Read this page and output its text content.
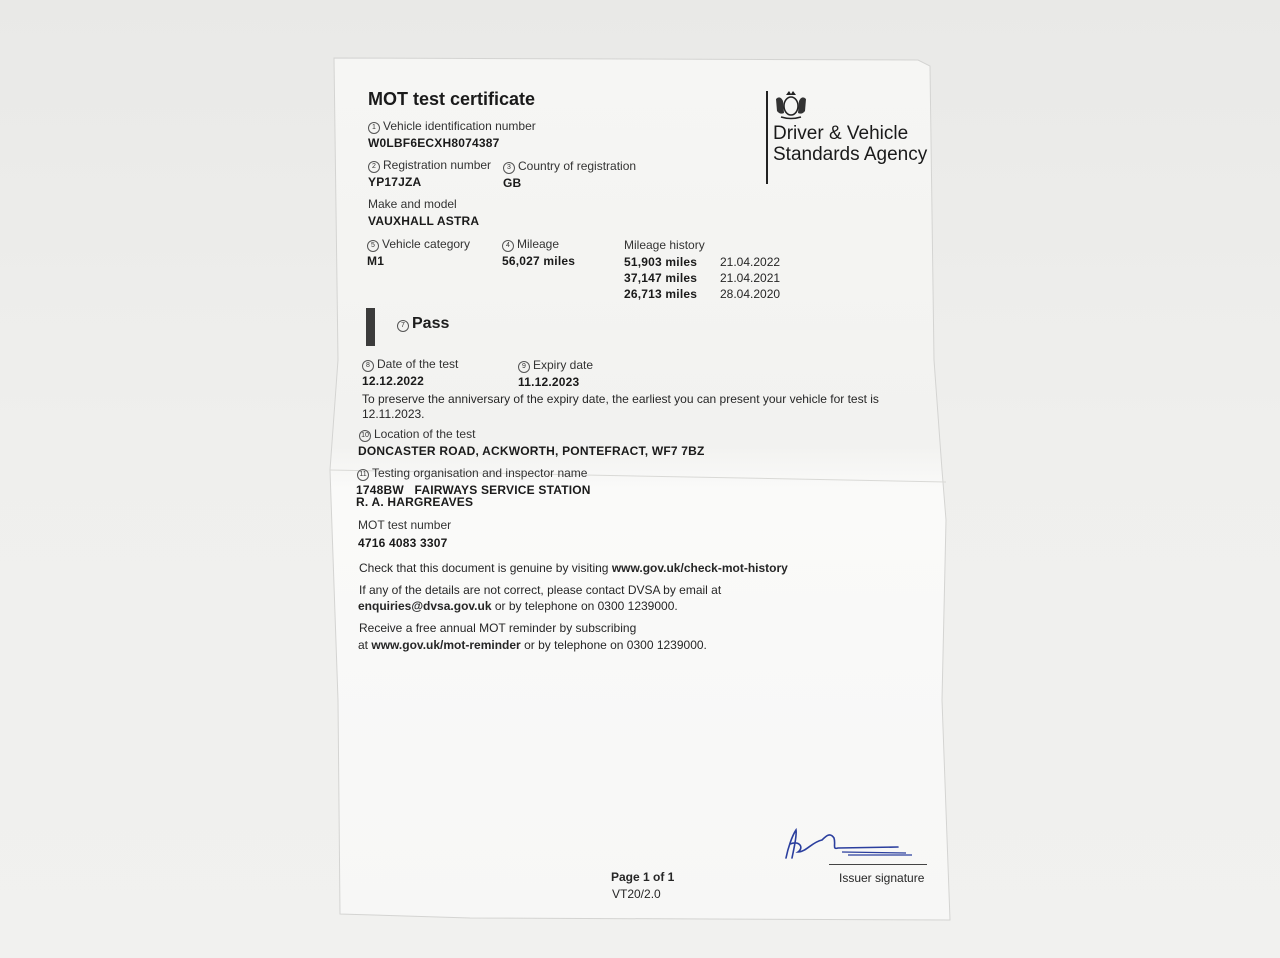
MOT test certificate
Driver & Vehicle Standards Agency
1 Vehicle identification number
W0LBF6ECXH8074387
2 Registration number
YP17JZA
3 Country of registration
GB
Make and model
VAUXHALL ASTRA
5 Vehicle category
M1
4 Mileage
56,027 miles
Mileage history
51,903 miles 21.04.2022
37,147 miles 21.04.2021
26,713 miles 28.04.2020
7 Pass
8 Date of the test
12.12.2022
9 Expiry date
11.12.2023
To preserve the anniversary of the expiry date, the earliest you can present your vehicle for test is
12.11.2023.
10 Location of the test
DONCASTER ROAD, ACKWORTH, PONTEFRACT, WF7 7BZ
11 Testing organisation and inspector name
1748BW   FAIRWAYS SERVICE STATION
R. A. HARGREAVES
MOT test number
4716 4083 3307
Check that this document is genuine by visiting www.gov.uk/check-mot-history
If any of the details are not correct, please contact DVSA by email at
enquiries@dvsa.gov.uk or by telephone on 0300 1239000.
Receive a free annual MOT reminder by subscribing
at www.gov.uk/mot-reminder or by telephone on 0300 1239000.
Issuer signature
Page 1 of 1
VT20/2.0
